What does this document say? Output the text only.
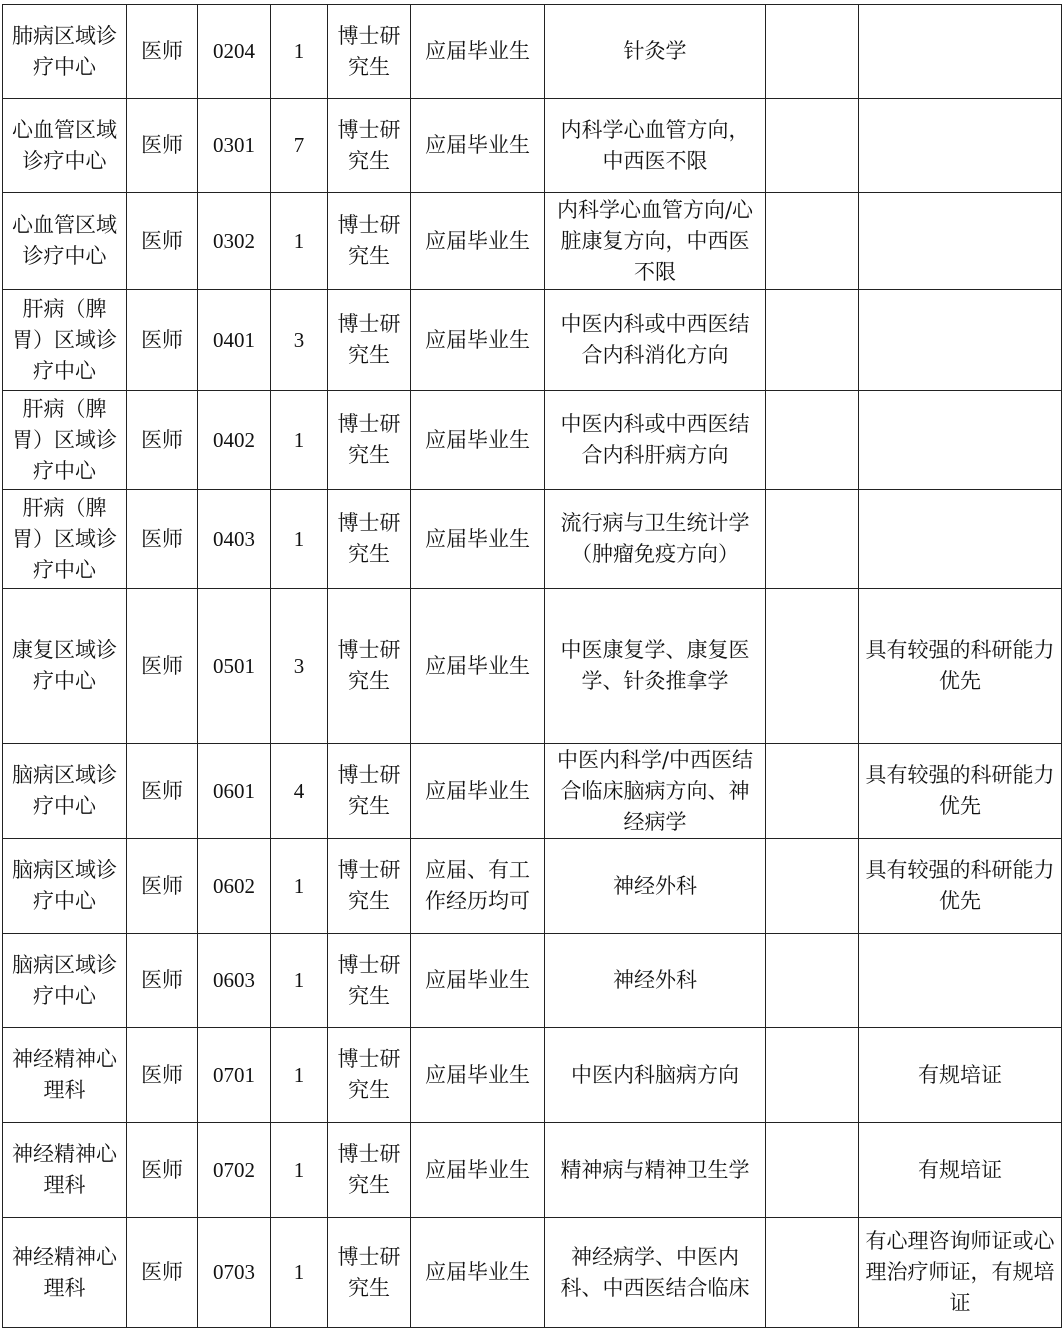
肺病区域诊疗中心	医师	0204	1	博士研究生	应届毕业生	针灸学		
心血管区域诊疗中心	医师	0301	7	博士研究生	应届毕业生	内科学心血管方向，中西医不限		
心血管区域诊疗中心	医师	0302	1	博士研究生	应届毕业生	内科学心血管方向/心脏康复方向，中西医不限		
肝病（脾胃）区域诊疗中心	医师	0401	3	博士研究生	应届毕业生	中医内科或中西医结合内科消化方向		
肝病（脾胃）区域诊疗中心	医师	0402	1	博士研究生	应届毕业生	中医内科或中西医结合内科肝病方向		
肝病（脾胃）区域诊疗中心	医师	0403	1	博士研究生	应届毕业生	流行病与卫生统计学（肿瘤免疫方向）		
康复区域诊疗中心	医师	0501	3	博士研究生	应届毕业生	中医康复学、康复医学、针灸推拿学		具有较强的科研能力优先
脑病区域诊疗中心	医师	0601	4	博士研究生	应届毕业生	中医内科学/中西医结合临床脑病方向、神经病学		具有较强的科研能力优先
脑病区域诊疗中心	医师	0602	1	博士研究生	应届、有工作经历均可	神经外科		具有较强的科研能力优先
脑病区域诊疗中心	医师	0603	1	博士研究生	应届毕业生	神经外科		
神经精神心理科	医师	0701	1	博士研究生	应届毕业生	中医内科脑病方向		有规培证
神经精神心理科	医师	0702	1	博士研究生	应届毕业生	精神病与精神卫生学		有规培证
神经精神心理科	医师	0703	1	博士研究生	应届毕业生	神经病学、中医内科、中西医结合临床		有心理咨询师证或心理治疗师证，有规培证
